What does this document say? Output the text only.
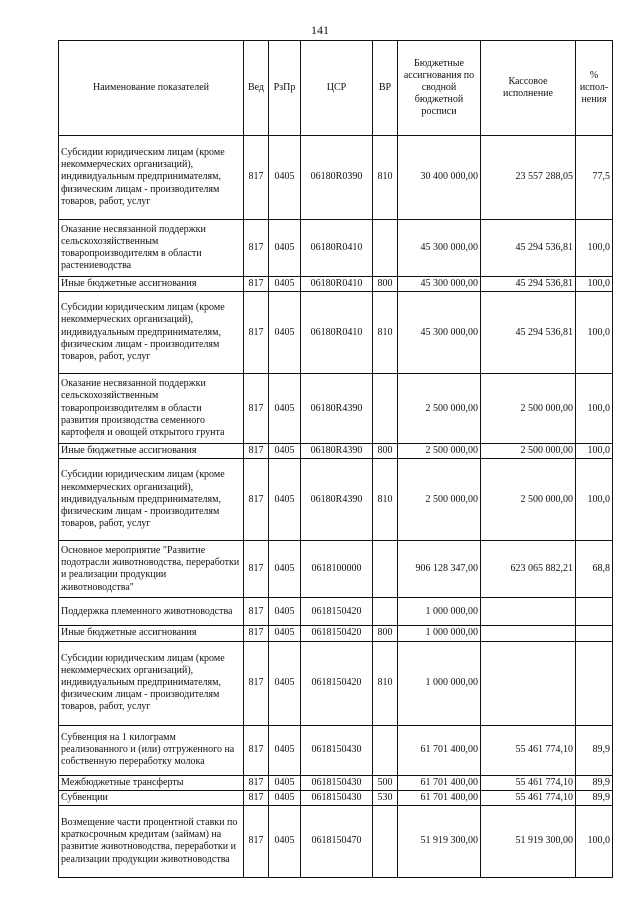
141
Наименование показателей	Вед	РзПр	ЦСР	ВР	Бюджетные ассигнования по сводной бюджетной росписи	Кассовое исполнение	% испол-нения
Субсидии юридическим лицам (кроме некоммерческих организаций), индивидуальным предпринимателям, физическим лицам - производителям товаров, работ, услуг	817	0405	06180R0390	810	30 400 000,00	23 557 288,05	77,5
Оказание несвязанной поддержки сельскохозяйственным товаропроизводителям в области растениеводства	817	0405	06180R0410		45 300 000,00	45 294 536,81	100,0
Иные бюджетные ассигнования	817	0405	06180R0410	800	45 300 000,00	45 294 536,81	100,0
Субсидии юридическим лицам (кроме некоммерческих организаций), индивидуальным предпринимателям, физическим лицам - производителям товаров, работ, услуг	817	0405	06180R0410	810	45 300 000,00	45 294 536,81	100,0
Оказание несвязанной поддержки сельскохозяйственным товаропроизводителям в области развития производства семенного картофеля и овощей открытого грунта	817	0405	06180R4390		2 500 000,00	2 500 000,00	100,0
Иные бюджетные ассигнования	817	0405	06180R4390	800	2 500 000,00	2 500 000,00	100,0
Субсидии юридическим лицам (кроме некоммерческих организаций), индивидуальным предпринимателям, физическим лицам - производителям товаров, работ, услуг	817	0405	06180R4390	810	2 500 000,00	2 500 000,00	100,0
Основное мероприятие "Развитие подотрасли животноводства, переработки и реализации продукции животноводства"	817	0405	0618100000		906 128 347,00	623 065 882,21	68,8
Поддержка племенного животноводства	817	0405	0618150420		1 000 000,00		
Иные бюджетные ассигнования	817	0405	0618150420	800	1 000 000,00		
Субсидии юридическим лицам (кроме некоммерческих организаций), индивидуальным предпринимателям, физическим лицам - производителям товаров, работ, услуг	817	0405	0618150420	810	1 000 000,00		
Субвенция на 1 килограмм реализованного и (или) отгруженного на собственную переработку молока	817	0405	0618150430		61 701 400,00	55 461 774,10	89,9
Межбюджетные трансферты	817	0405	0618150430	500	61 701 400,00	55 461 774,10	89,9
Субвенции	817	0405	0618150430	530	61 701 400,00	55 461 774,10	89,9
Возмещение части процентной ставки по краткосрочным кредитам (займам) на развитие животноводства, переработки и реализации продукции животноводства	817	0405	0618150470		51 919 300,00	51 919 300,00	100,0
